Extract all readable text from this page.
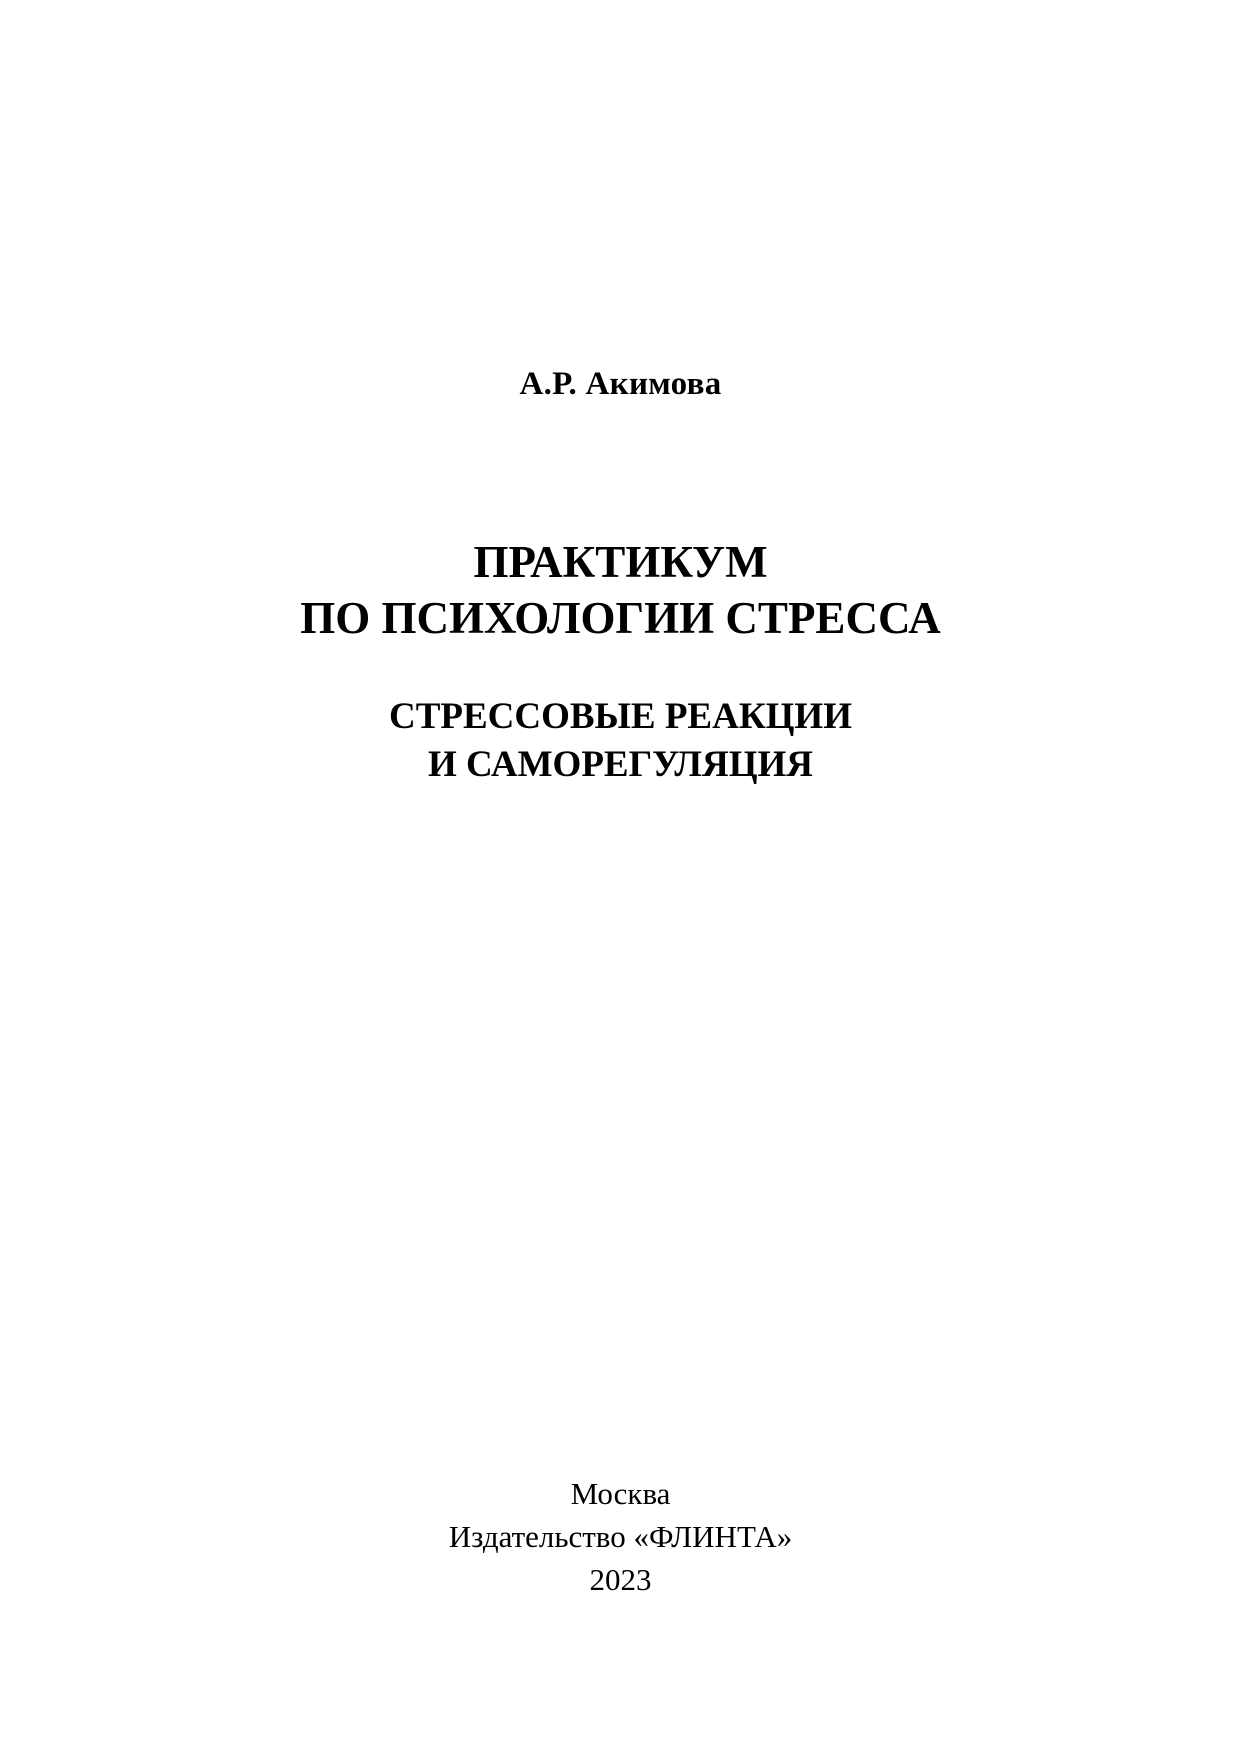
А.Р. Акимова
ПРАКТИКУМ
ПО ПСИХОЛОГИИ СТРЕССА
СТРЕССОВЫЕ РЕАКЦИИ
И САМОРЕГУЛЯЦИЯ
Москва
Издательство «ФЛИНТА»
2023
